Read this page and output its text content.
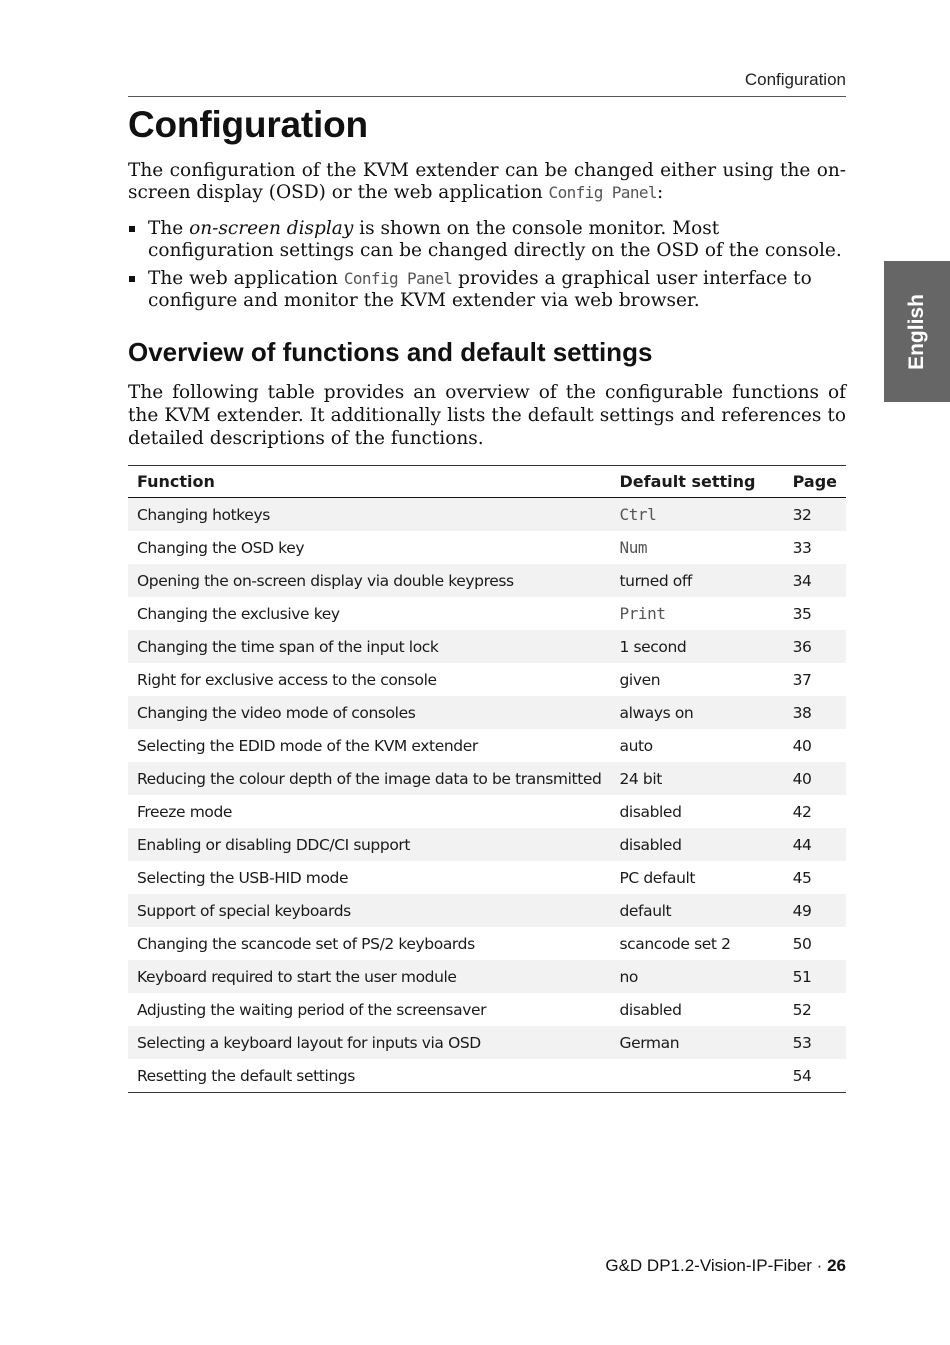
Configuration
Configuration

The configuration of the KVM extender can be changed either using the on-screen display (OSD) or the web application Config Panel:

The on-screen display is shown on the console monitor. Most configuration settings can be changed directly on the OSD of the console.
The web application Config Panel provides a graphical user interface to configure and monitor the KVM extender via web browser.
Overview of functions and default settings

The following table provides an overview of the configurable functions of the KVM extender. It additionally lists the default settings and references to detailed descriptions of the functions.

Function	Default setting	Page
Changing hotkeys	Ctrl	32
Changing the OSD key	Num	33
Opening the on-screen display via double keypress	turned off	34
Changing the exclusive key	Print	35
Changing the time span of the input lock	1 second	36
Right for exclusive access to the console	given	37
Changing the video mode of consoles	always on	38
Selecting the EDID mode of the KVM extender	auto	40
Reducing the colour depth of the image data to be transmitted	24 bit	40
Freeze mode	disabled	42
Enabling or disabling DDC/CI support	disabled	44
Selecting the USB-HID mode	PC default	45
Support of special keyboards	default	49
Changing the scancode set of PS/2 keyboards	scancode set 2	50
Keyboard required to start the user module	no	51
Adjusting the waiting period of the screensaver	disabled	52
Selecting a keyboard layout for inputs via OSD	German	53
Resetting the default settings		54
English
G&D DP1.2-Vision-IP-Fiber · 26
